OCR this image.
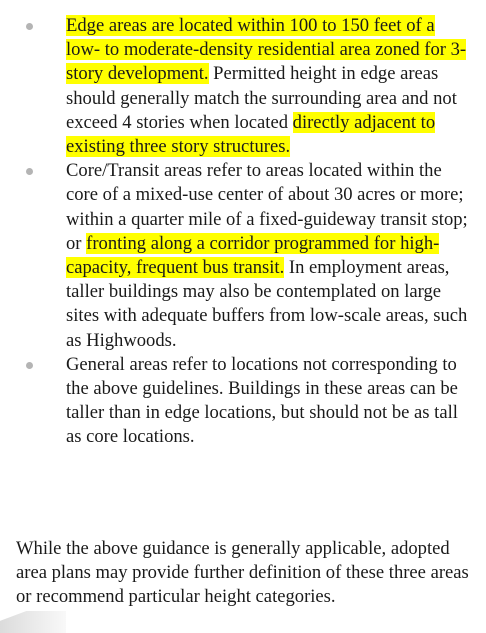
Edge areas are located within 100 to 150 feet of a low- to moderate-density residential area zoned for 3-story development. Permitted height in edge areas should generally match the surrounding area and not exceed 4 stories when located directly adjacent to existing three story structures.
Core/Transit areas refer to areas located within the core of a mixed-use center of about 30 acres or more; within a quarter mile of a fixed-guideway transit stop; or fronting along a corridor programmed for high-capacity, frequent bus transit. In employment areas, taller buildings may also be contemplated on large sites with adequate buffers from low-scale areas, such as Highwoods.
General areas refer to locations not corresponding to the above guidelines. Buildings in these areas can be taller than in edge locations, but should not be as tall as core locations.

While the above guidance is generally applicable, adopted area plans may provide further definition of these three areas or recommend particular height categories.
